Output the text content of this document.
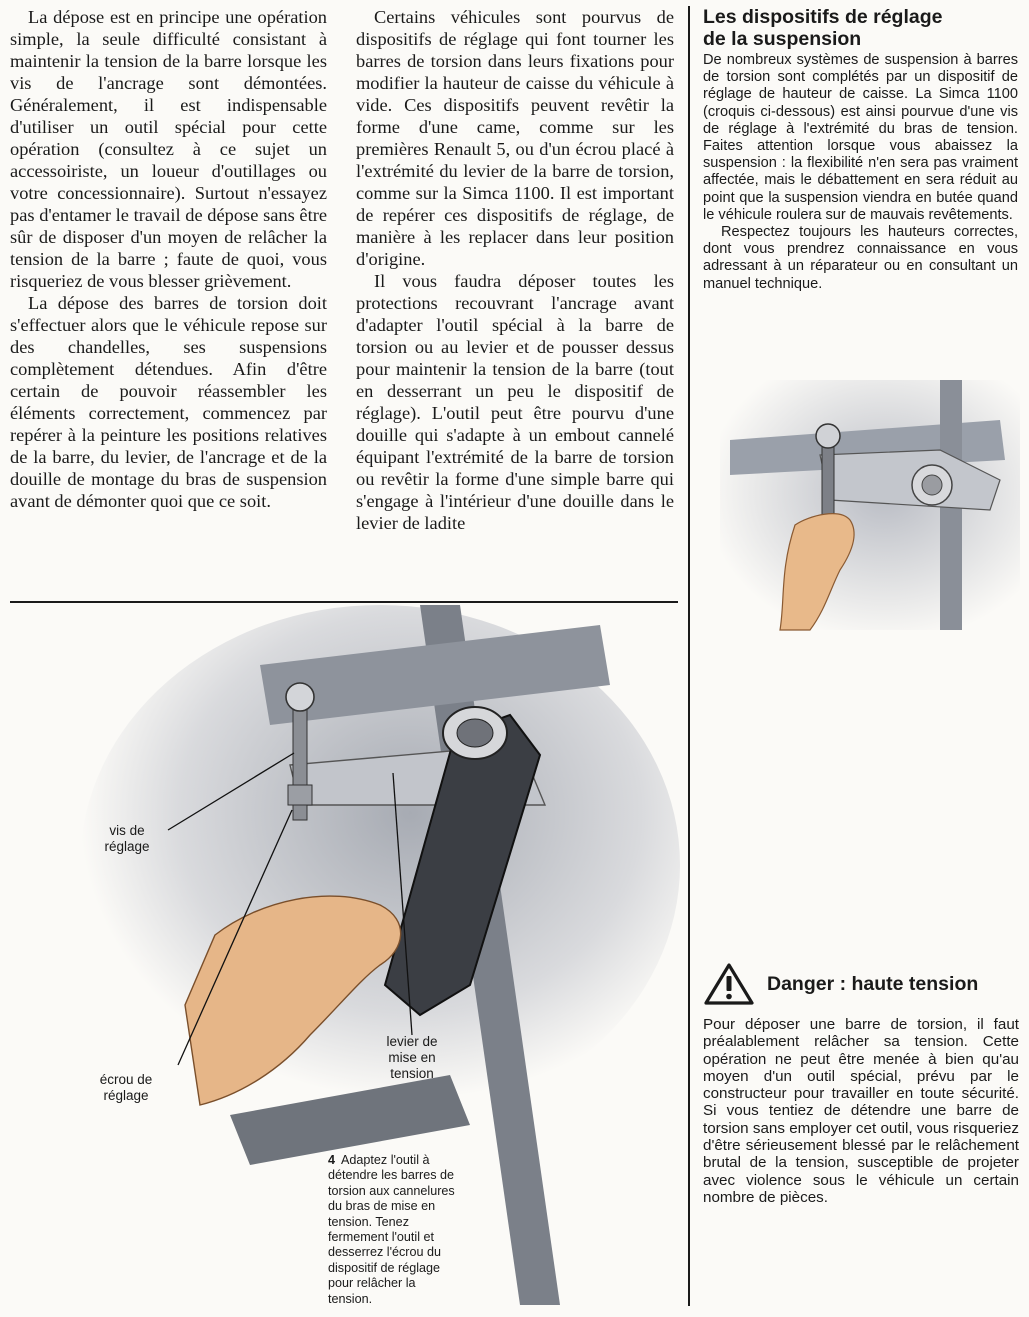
La dépose est en principe une opération simple, la seule difficulté consistant à maintenir la tension de la barre lorsque les vis de l'ancrage sont démontées. Généralement, il est indispensable d'utiliser un outil spécial pour cette opération (consultez à ce sujet un accessoiriste, un loueur d'outillages ou votre concessionnaire). Surtout n'essayez pas d'entamer le travail de dépose sans être sûr de disposer d'un moyen de relâcher la tension de la barre ; faute de quoi, vous risqueriez de vous blesser grièvement.

La dépose des barres de torsion doit s'effectuer alors que le véhicule repose sur des chandelles, ses suspensions complètement détendues. Afin d'être certain de pouvoir réassembler les éléments correctement, commencez par repérer à la peinture les positions relatives de la barre, du levier, de l'ancrage et de la douille de montage du bras de suspension avant de démonter quoi que ce soit.

Certains véhicules sont pourvus de dispositifs de réglage qui font tourner les barres de torsion dans leurs fixations pour modifier la hauteur de caisse du véhicule à vide. Ces dispositifs peuvent revêtir la forme d'une came, comme sur les premières Renault 5, ou d'un écrou placé à l'extrémité du levier de la barre de torsion, comme sur la Simca 1100. Il est important de repérer ces dispositifs de réglage, de manière à les replacer dans leur position d'origine.

Il vous faudra déposer toutes les protections recouvrant l'ancrage avant d'adapter l'outil spécial à la barre de torsion ou au levier et de pousser dessus pour maintenir la tension de la barre (tout en desserrant un peu le dispositif de réglage). L'outil peut être pourvu d'une douille qui s'adapte à un embout cannelé équipant l'extrémité de la barre de torsion ou revêtir la forme d'une simple barre qui s'engage à l'intérieur d'une douille dans le levier de ladite

Les dispositifs de réglage
de la suspension

De nombreux systèmes de suspension à barres de torsion sont complétés par un dispositif de réglage de hauteur de caisse. La Simca 1100 (croquis ci-dessous) est ainsi pourvue d'une vis de réglage à l'extrémité du bras de tension. Faites attention lorsque vous abaissez la suspension : la flexibilité n'en sera pas vraiment affectée, mais le débattement en sera réduit au point que la suspension viendra en butée quand le véhicule roulera sur de mauvais revêtements.

Respectez toujours les hauteurs correctes, dont vous prendrez connaissance en vous adressant à un réparateur ou en consultant un manuel technique.

vis de
réglage
écrou de
réglage
levier de
mise en
tension
4 Adaptez l'outil à détendre les barres de torsion aux cannelures du bras de mise en tension. Tenez fermement l'outil et desserrez l'écrou du dispositif de réglage pour relâcher la tension.
Danger : haute tension
Pour déposer une barre de torsion, il faut préalablement relâcher sa tension. Cette opération ne peut être menée à bien qu'au moyen d'un outil spécial, prévu par le constructeur pour travailler en toute sécurité. Si vous tentiez de détendre une barre de torsion sans employer cet outil, vous risqueriez d'être sérieusement blessé par le relâchement brutal de la tension, susceptible de projeter avec violence sous le véhicule un certain nombre de pièces.
